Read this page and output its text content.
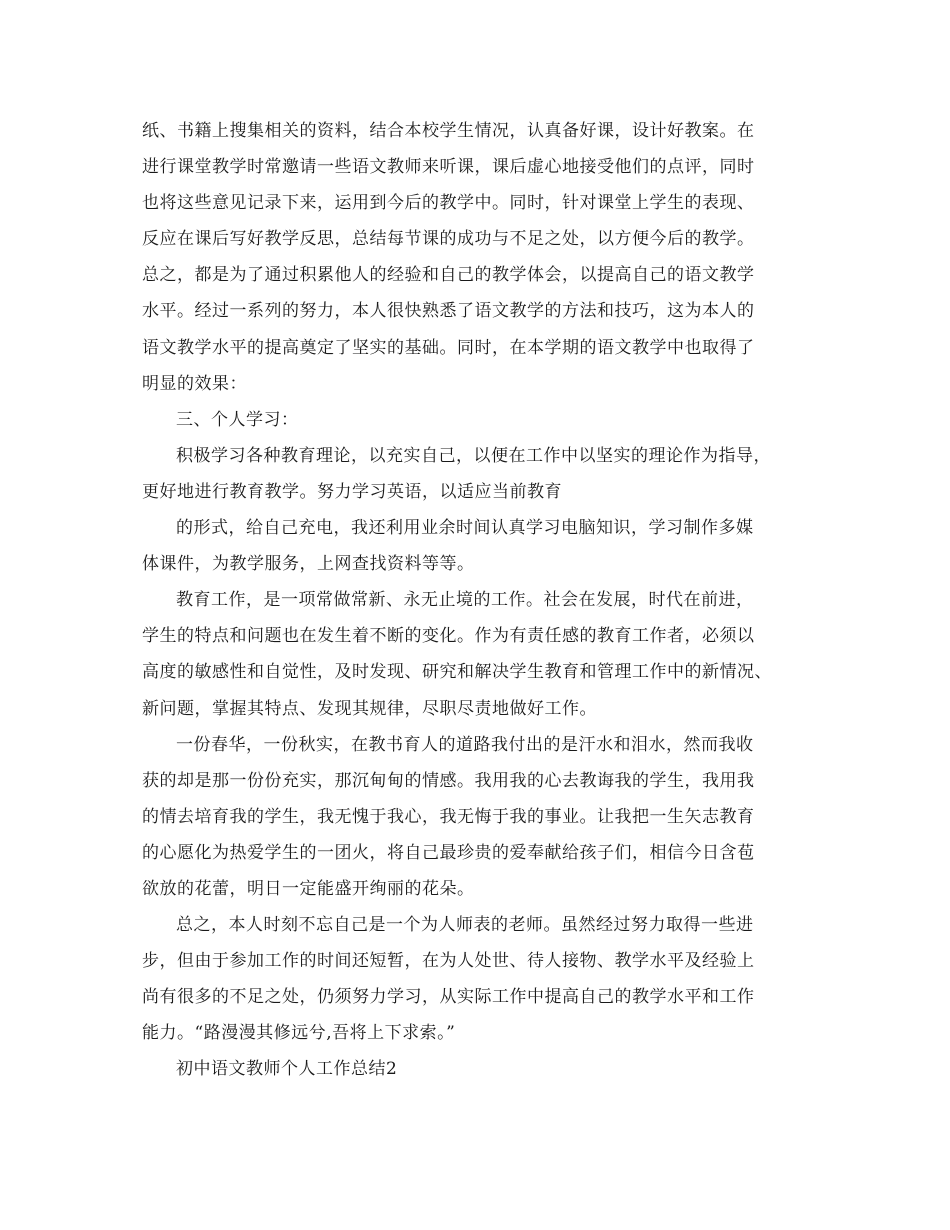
纸、书籍上搜集相关的资料，结合本校学生情况，认真备好课，设计好教案。在
进行课堂教学时常邀请一些语文教师来听课，课后虚心地接受他们的点评，同时
也将这些意见记录下来，运用到今后的教学中。同时，针对课堂上学生的表现、
反应在课后写好教学反思，总结每节课的成功与不足之处，以方便今后的教学。
总之，都是为了通过积累他人的经验和自己的教学体会，以提高自己的语文教学
水平。经过一系列的努力，本人很快熟悉了语文教学的方法和技巧，这为本人的
语文教学水平的提高奠定了坚实的基础。同时，在本学期的语文教学中也取得了
明显的效果：
三、个人学习：
积极学习各种教育理论，以充实自己，以便在工作中以坚实的理论作为指导，
更好地进行教育教学。努力学习英语，以适应当前教育
的形式，给自己充电，我还利用业余时间认真学习电脑知识，学习制作多媒
体课件，为教学服务，上网查找资料等等。
教育工作，是一项常做常新、永无止境的工作。社会在发展，时代在前进，
学生的特点和问题也在发生着不断的变化。作为有责任感的教育工作者，必须以
高度的敏感性和自觉性，及时发现、研究和解决学生教育和管理工作中的新情况、
新问题，掌握其特点、发现其规律，尽职尽责地做好工作。
一份春华，一份秋实，在教书育人的道路我付出的是汗水和泪水，然而我收
获的却是那一份份充实，那沉甸甸的情感。我用我的心去教诲我的学生，我用我
的情去培育我的学生，我无愧于我心，我无悔于我的事业。让我把一生矢志教育
的心愿化为热爱学生的一团火，将自己最珍贵的爱奉献给孩子们，相信今日含苞
欲放的花蕾，明日一定能盛开绚丽的花朵。
总之，本人时刻不忘自己是一个为人师表的老师。虽然经过努力取得一些进
步，但由于参加工作的时间还短暂，在为人处世、待人接物、教学水平及经验上
尚有很多的不足之处，仍须努力学习，从实际工作中提高自己的教学水平和工作
能力。“路漫漫其修远兮,吾将上下求索。”
初中语文教师个人工作总结2
